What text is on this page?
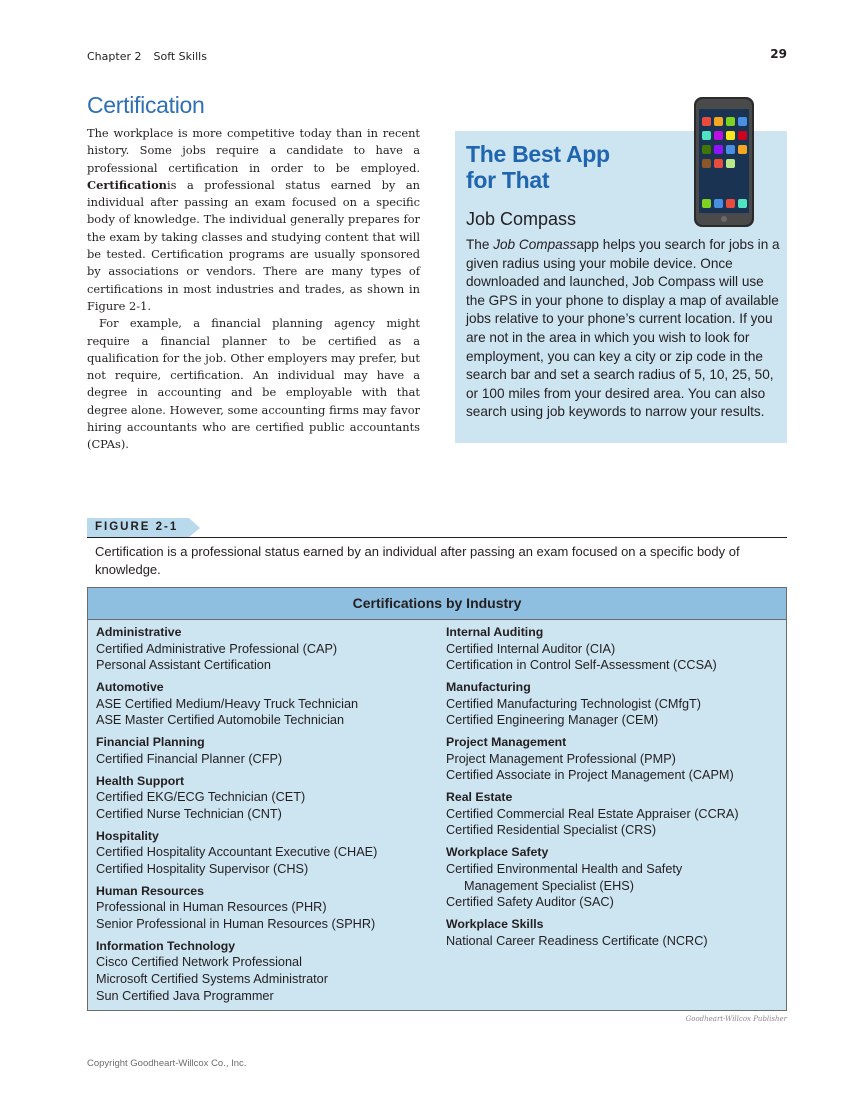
Chapter 2 Soft Skills	29
Certification

The workplace is more competitive today than in recent history. Some jobs require a candidate to have a professional certification in order to be employed. Certificationis a professional status earned by an individual after passing an exam focused on a specific body of knowledge. The individual generally prepares for the exam by taking classes and studying content that will be tested. Certification programs are usually sponsored by associations or vendors. There are many types of certifications in most industries and trades, as shown in Figure 2-1.

For example, a financial planning agency might require a financial planner to be certified as a qualification for the job. Other employers may prefer, but not require, certification. An individual may have a degree in accounting and be employable with that degree alone. However, some accounting firms may favor hiring accountants who are certified public accountants (CPAs).

The Best App
for That
Job Compass
The Job Compassapp helps you search for jobs in a given radius using your mobile device. Once downloaded and launched, Job Compass will use the GPS in your phone to display a map of available jobs relative to your phone’s current location. If you are not in the area in which you wish to look for employment, you can key a city or zip code in the search bar and set a search radius of 5, 10, 25, 50, or 100 miles from your desired area. You can also search using job keywords to narrow your results.
FIGURE 2-1
Certification is a professional status earned by an individual after passing an exam focused on a specific body of knowledge.
Certifications by Industry
Administrative
Certified Administrative Professional (CAP)
Personal Assistant Certification
Automotive
ASE Certified Medium/Heavy Truck Technician
ASE Master Certified Automobile Technician
Financial Planning
Certified Financial Planner (CFP)
Health Support
Certified EKG/ECG Technician (CET)
Certified Nurse Technician (CNT)
Hospitality
Certified Hospitality Accountant Executive (CHAE)
Certified Hospitality Supervisor (CHS)
Human Resources
Professional in Human Resources (PHR)
Senior Professional in Human Resources (SPHR)
Information Technology
Cisco Certified Network Professional
Microsoft Certified Systems Administrator
Sun Certified Java Programmer
Internal Auditing
Certified Internal Auditor (CIA)
Certification in Control Self-Assessment (CCSA)
Manufacturing
Certified Manufacturing Technologist (CMfgT)
Certified Engineering Manager (CEM)
Project Management
Project Management Professional (PMP)
Certified Associate in Project Management (CAPM)
Real Estate
Certified Commercial Real Estate Appraiser (CCRA)
Certified Residential Specialist (CRS)
Workplace Safety
Certified Environmental Health and Safety
Management Specialist (EHS)
Certified Safety Auditor (SAC)
Workplace Skills
National Career Readiness Certificate (NCRC)
Goodheart-Willcox Publisher
Copyright Goodheart-Willcox Co., Inc.
